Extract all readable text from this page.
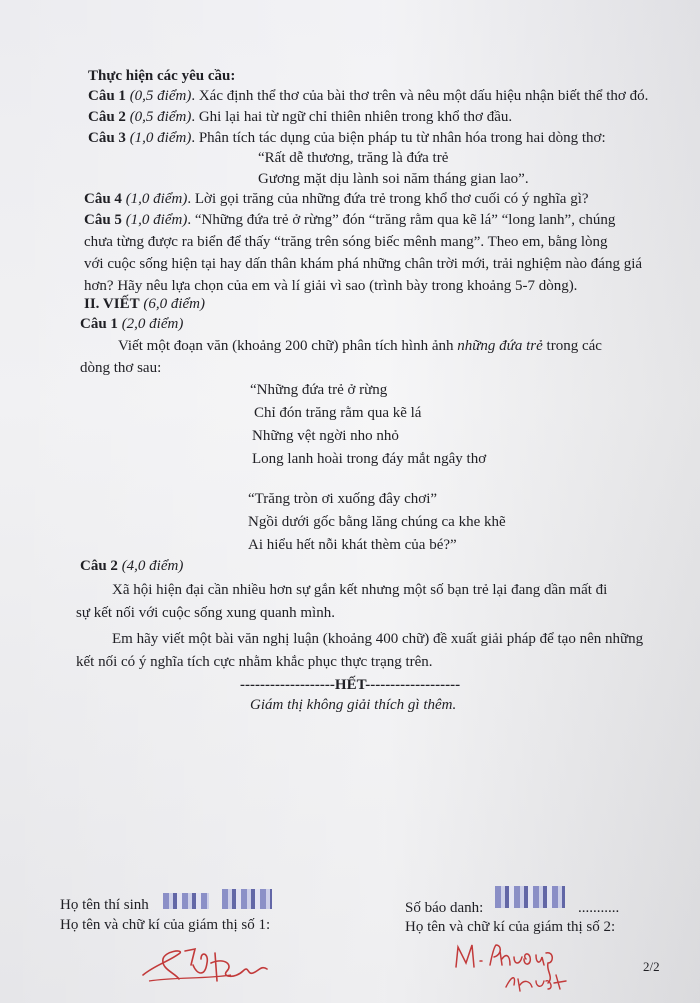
Thực hiện các yêu cầu:
Câu 1 (0,5 điểm). Xác định thể thơ của bài thơ trên và nêu một dấu hiệu nhận biết thể thơ đó.
Câu 2 (0,5 điểm). Ghi lại hai từ ngữ chỉ thiên nhiên trong khổ thơ đầu.
Câu 3 (1,0 điểm). Phân tích tác dụng của biện pháp tu từ nhân hóa trong hai dòng thơ:
“Rất dễ thương, trăng là đứa trẻ
Gương mặt dịu lành soi năm tháng gian lao”.
Câu 4 (1,0 điểm). Lời gọi trăng của những đứa trẻ trong khổ thơ cuối có ý nghĩa gì?
Câu 5 (1,0 điểm). “Những đứa trẻ ở rừng” đón “trăng rằm qua kẽ lá” “long lanh”, chúng
chưa từng được ra biển để thấy “trăng trên sóng biếc mênh mang”. Theo em, bằng lòng
với cuộc sống hiện tại hay dấn thân khám phá những chân trời mới, trải nghiệm nào đáng giá
hơn? Hãy nêu lựa chọn của em và lí giải vì sao (trình bày trong khoảng 5-7 dòng).
II. VIẾT (6,0 điểm)
Câu 1 (2,0 điểm)
Viết một đoạn văn (khoảng 200 chữ) phân tích hình ảnh những đứa trẻ trong các
dòng thơ sau:
“Những đứa trẻ ở rừng
Chỉ đón trăng rằm qua kẽ lá
Những vệt ngời nho nhỏ
Long lanh hoài trong đáy mắt ngây thơ
“Trăng tròn ơi xuống đây chơi”
Ngồi dưới gốc bằng lăng chúng ca khe khẽ
Ai hiểu hết nỗi khát thèm của bé?”
Câu 2 (4,0 điểm)
Xã hội hiện đại cần nhiều hơn sự gắn kết nhưng một số bạn trẻ lại đang dần mất đi
sự kết nối với cuộc sống xung quanh mình.
Em hãy viết một bài văn nghị luận (khoảng 400 chữ) đề xuất giải pháp để tạo nên những
kết nối có ý nghĩa tích cực nhằm khắc phục thực trạng trên.
-------------------HẾT-------------------
Giám thị không giải thích gì thêm.
Họ tên thí sinh
Họ tên và chữ kí của giám thị số 1:
Số báo danh:	...........
Họ tên và chữ kí của giám thị số 2:
2/2
